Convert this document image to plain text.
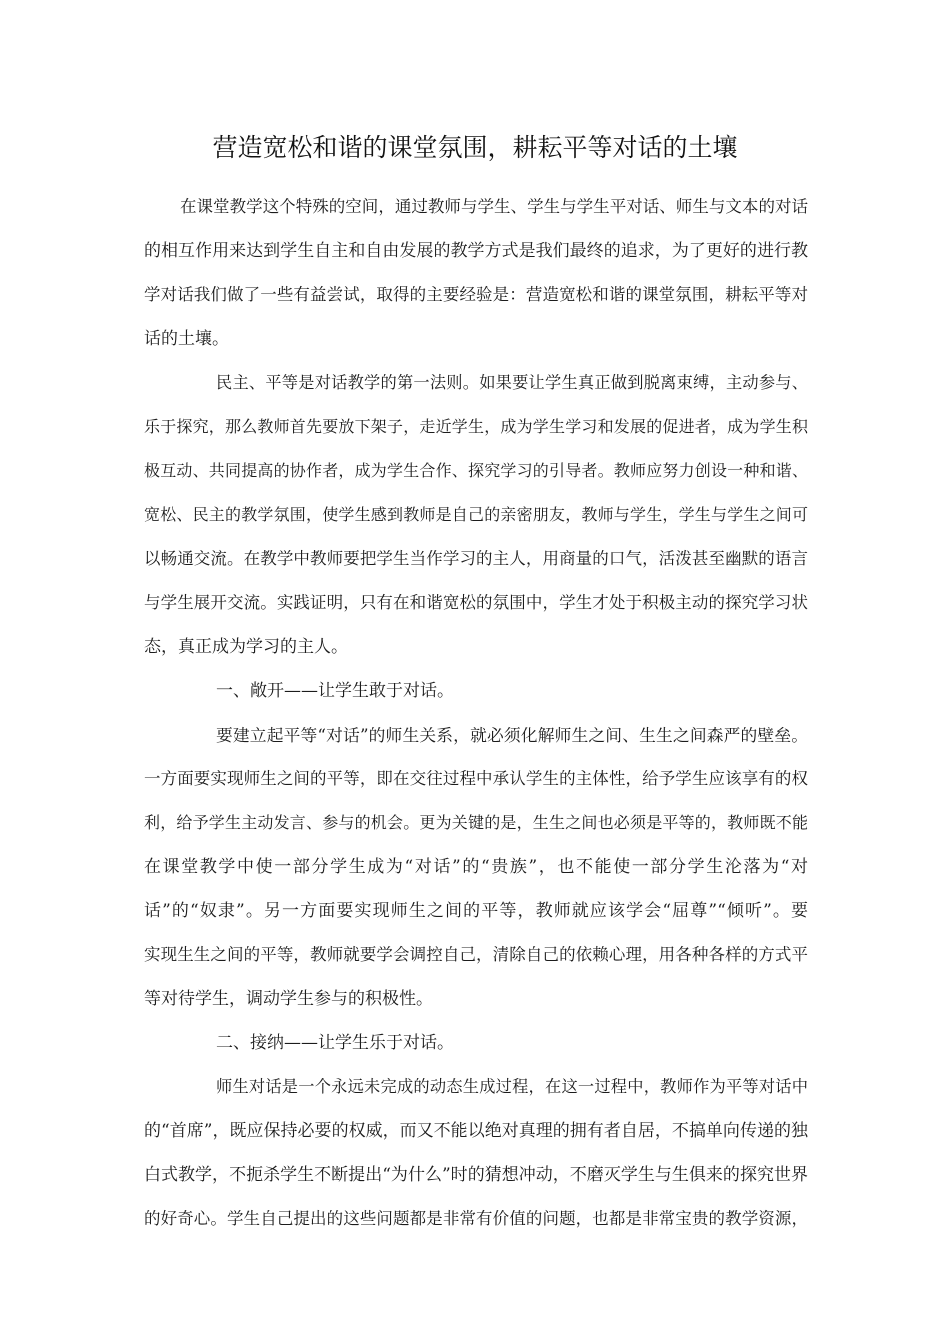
营造宽松和谐的课堂氛围，耕耘平等对话的土壤
在课堂教学这个特殊的空间，通过教师与学生、学生与学生平对话、师生与文本的对话
的相互作用来达到学生自主和自由发展的教学方式是我们最终的追求，为了更好的进行教
学对话我们做了一些有益尝试，取得的主要经验是：营造宽松和谐的课堂氛围，耕耘平等对
话的土壤。
民主、平等是对话教学的第一法则。如果要让学生真正做到脱离束缚，主动参与、
乐于探究，那么教师首先要放下架子，走近学生，成为学生学习和发展的促进者，成为学生积
极互动、共同提高的协作者，成为学生合作、探究学习的引导者。教师应努力创设一种和谐、
宽松、民主的教学氛围，使学生感到教师是自己的亲密朋友，教师与学生，学生与学生之间可
以畅通交流。在教学中教师要把学生当作学习的主人，用商量的口气，活泼甚至幽默的语言
与学生展开交流。实践证明，只有在和谐宽松的氛围中，学生才处于积极主动的探究学习状
态，真正成为学习的主人。
一、敞开——让学生敢于对话。
要建立起平等“对话”的师生关系，就必须化解师生之间、生生之间森严的壁垒。
一方面要实现师生之间的平等，即在交往过程中承认学生的主体性，给予学生应该享有的权
利，给予学生主动发言、参与的机会。更为关键的是，生生之间也必须是平等的，教师既不能
在课堂教学中使一部分学生成为“对话”的“贵族”，也不能使一部分学生沦落为“对
话”的“奴隶”。另一方面要实现师生之间的平等，教师就应该学会“屈尊”“倾听”。要
实现生生之间的平等，教师就要学会调控自己，清除自己的依赖心理，用各种各样的方式平
等对待学生，调动学生参与的积极性。
二、接纳——让学生乐于对话。
师生对话是一个永远未完成的动态生成过程，在这一过程中，教师作为平等对话中
的“首席”，既应保持必要的权威，而又不能以绝对真理的拥有者自居，不搞单向传递的独
白式教学，不扼杀学生不断提出“为什么”时的猜想冲动，不磨灭学生与生俱来的探究世界
的好奇心。学生自己提出的这些问题都是非常有价值的问题，也都是非常宝贵的教学资源，
